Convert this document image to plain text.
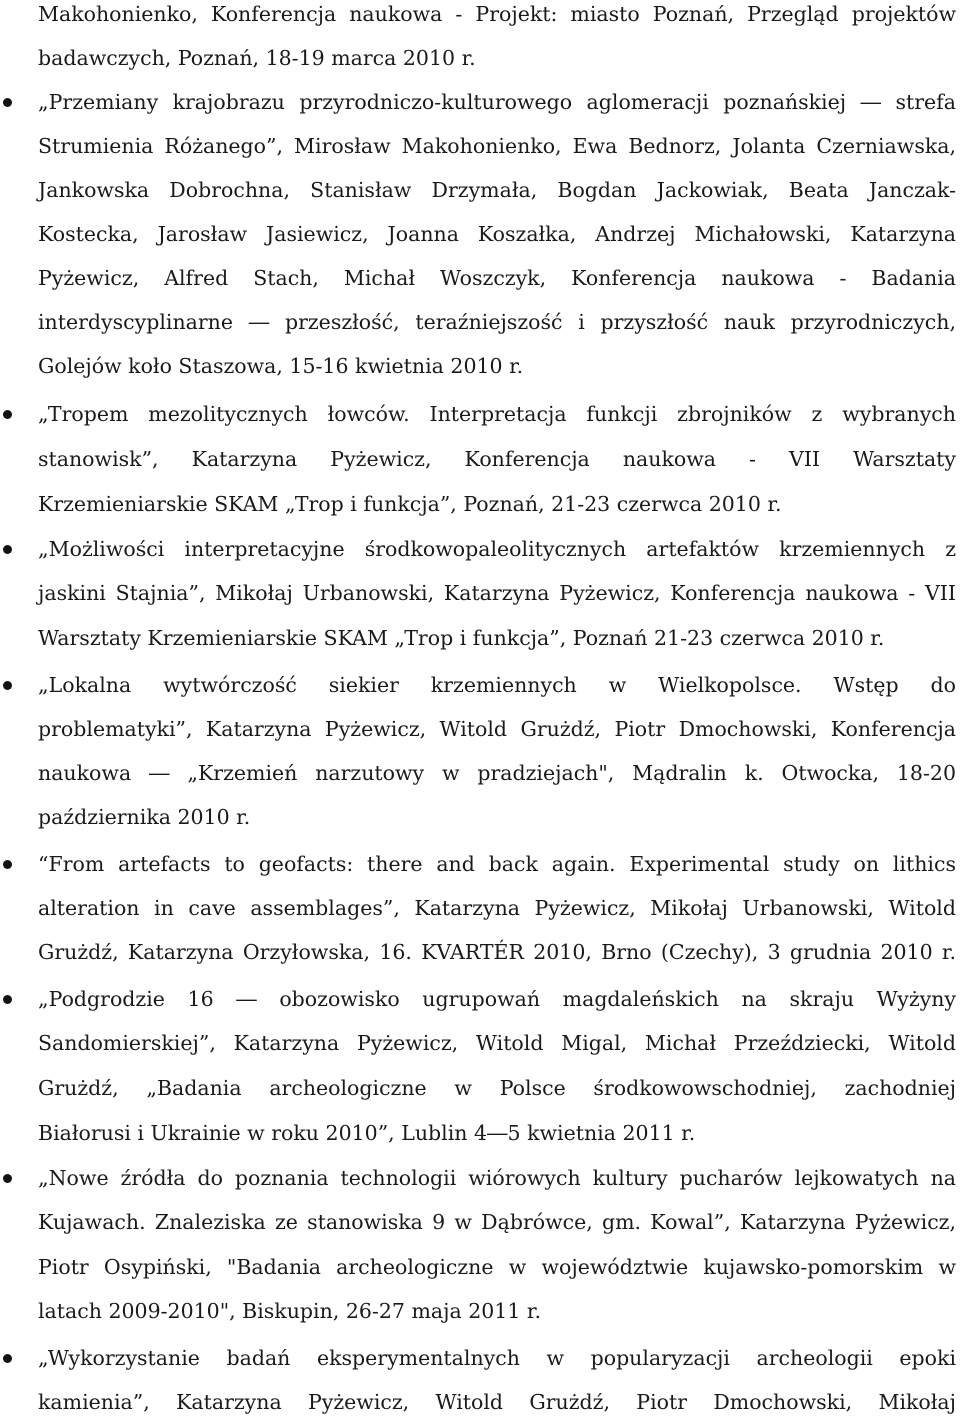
Makohonienko, Konferencja naukowa - Projekt: miasto Poznań, Przegląd projektów
badawczych, Poznań, 18-19 marca 2010 r.
„Przemiany krajobrazu przyrodniczo-kulturowego aglomeracji poznańskiej ― strefa
Strumienia Różanego”, Mirosław Makohonienko, Ewa Bednorz, Jolanta Czerniawska,
Jankowska Dobrochna, Stanisław Drzymała, Bogdan Jackowiak, Beata Janczak-
Kostecka, Jarosław Jasiewicz, Joanna Koszałka, Andrzej Michałowski, Katarzyna
Pyżewicz, Alfred Stach, Michał Woszczyk, Konferencja naukowa - Badania
interdyscyplinarne ― przeszłość, teraźniejszość i przyszłość nauk przyrodniczych,
Golejów koło Staszowa, 15-16 kwietnia 2010 r.
„Tropem mezolitycznych łowców. Interpretacja funkcji zbrojników z wybranych
stanowisk”, Katarzyna Pyżewicz, Konferencja naukowa - VII Warsztaty
Krzemieniarskie SKAM „Trop i funkcja”, Poznań, 21-23 czerwca 2010 r.
„Możliwości interpretacyjne środkowopaleolitycznych artefaktów krzemiennych z
jaskini Stajnia”, Mikołaj Urbanowski, Katarzyna Pyżewicz, Konferencja naukowa - VII
Warsztaty Krzemieniarskie SKAM „Trop i funkcja”, Poznań 21-23 czerwca 2010 r.
„Lokalna wytwórczość siekier krzemiennych w Wielkopolsce. Wstęp do
problematyki”, Katarzyna Pyżewicz, Witold Grużdź, Piotr Dmochowski, Konferencja
naukowa ― „Krzemień narzutowy w pradziejach", Mądralin k. Otwocka, 18-20
października 2010 r.
“From artefacts to geofacts: there and back again. Experimental study on lithics
alteration in cave assemblages”, Katarzyna Pyżewicz, Mikołaj Urbanowski, Witold
Grużdź, Katarzyna Orzyłowska, 16. KVARTÉR 2010, Brno (Czechy), 3 grudnia 2010 r.
„Podgrodzie 16 ― obozowisko ugrupowań magdaleńskich na skraju Wyżyny
Sandomierskiej”, Katarzyna Pyżewicz, Witold Migal, Michał Przeździecki, Witold
Grużdź, „Badania archeologiczne w Polsce środkowowschodniej, zachodniej
Białorusi i Ukrainie w roku 2010”, Lublin 4―5 kwietnia 2011 r.
„Nowe źródła do poznania technologii wiórowych kultury pucharów lejkowatych na
Kujawach. Znaleziska ze stanowiska 9 w Dąbrówce, gm. Kowal”, Katarzyna Pyżewicz,
Piotr Osypiński, "Badania archeologiczne w województwie kujawsko-pomorskim w
latach 2009-2010", Biskupin, 26-27 maja 2011 r.
„Wykorzystanie badań eksperymentalnych w popularyzacji archeologii epoki
kamienia”, Katarzyna Pyżewicz, Witold Grużdź, Piotr Dmochowski, Mikołaj
